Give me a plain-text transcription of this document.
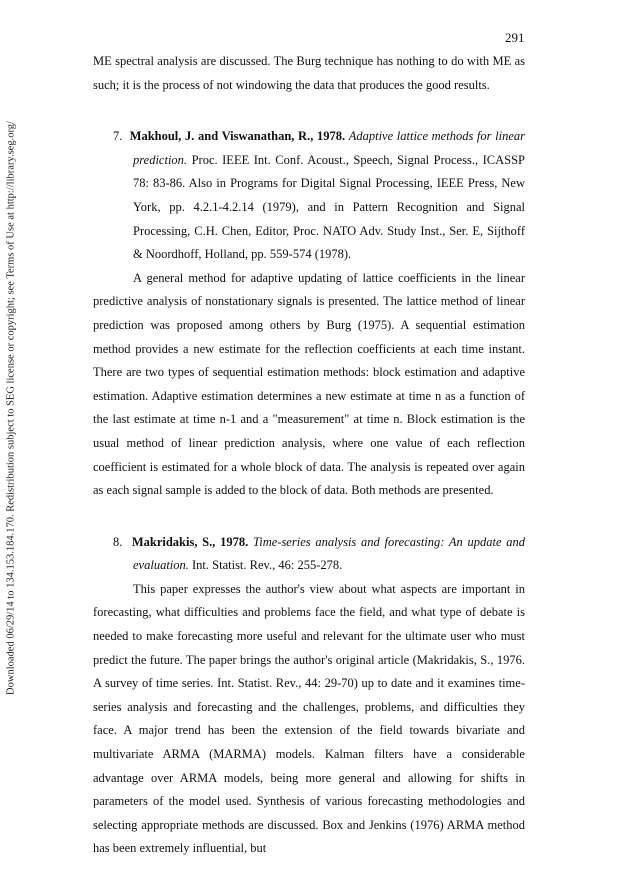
291
Downloaded 06/29/14 to 134.153.184.170. Redistribution subject to SEG license or copyright; see Terms of Use at http://library.seg.org/

ME spectral analysis are discussed. The Burg technique has nothing to do with ME as such; it is the process of not windowing the data that produces the good results.

7. Makhoul, J. and Viswanathan, R., 1978. Adaptive lattice methods for linear prediction. Proc. IEEE Int. Conf. Acoust., Speech, Signal Process., ICASSP 78: 83-86. Also in Programs for Digital Signal Processing, IEEE Press, New York, pp. 4.2.1-4.2.14 (1979), and in Pattern Recognition and Signal Processing, C.H. Chen, Editor, Proc. NATO Adv. Study Inst., Ser. E, Sijthoff & Noordhoff, Holland, pp. 559-574 (1978).

A general method for adaptive updating of lattice coefficients in the linear predictive analysis of nonstationary signals is presented. The lattice method of linear prediction was proposed among others by Burg (1975). A sequential estimation method provides a new estimate for the reflection coefficients at each time instant. There are two types of sequential estimation methods: block estimation and adaptive estimation. Adaptive estimation determines a new estimate at time n as a function of the last estimate at time n-1 and a "measurement" at time n. Block estimation is the usual method of linear prediction analysis, where one value of each reflection coefficient is estimated for a whole block of data. The analysis is repeated over again as each signal sample is added to the block of data. Both methods are presented.

8. Makridakis, S., 1978. Time-series analysis and forecasting: An update and evaluation. Int. Statist. Rev., 46: 255-278.

This paper expresses the author's view about what aspects are important in forecasting, what difficulties and problems face the field, and what type of debate is needed to make forecasting more useful and relevant for the ultimate user who must predict the future. The paper brings the author's original article (Makridakis, S., 1976. A survey of time series. Int. Statist. Rev., 44: 29-70) up to date and it examines time-series analysis and forecasting and the challenges, problems, and difficulties they face. A major trend has been the extension of the field towards bivariate and multivariate ARMA (MARMA) models. Kalman filters have a considerable advantage over ARMA models, being more general and allowing for shifts in parameters of the model used. Synthesis of various forecasting methodologies and selecting appropriate methods are discussed. Box and Jenkins (1976) ARMA method has been extremely influential, but
